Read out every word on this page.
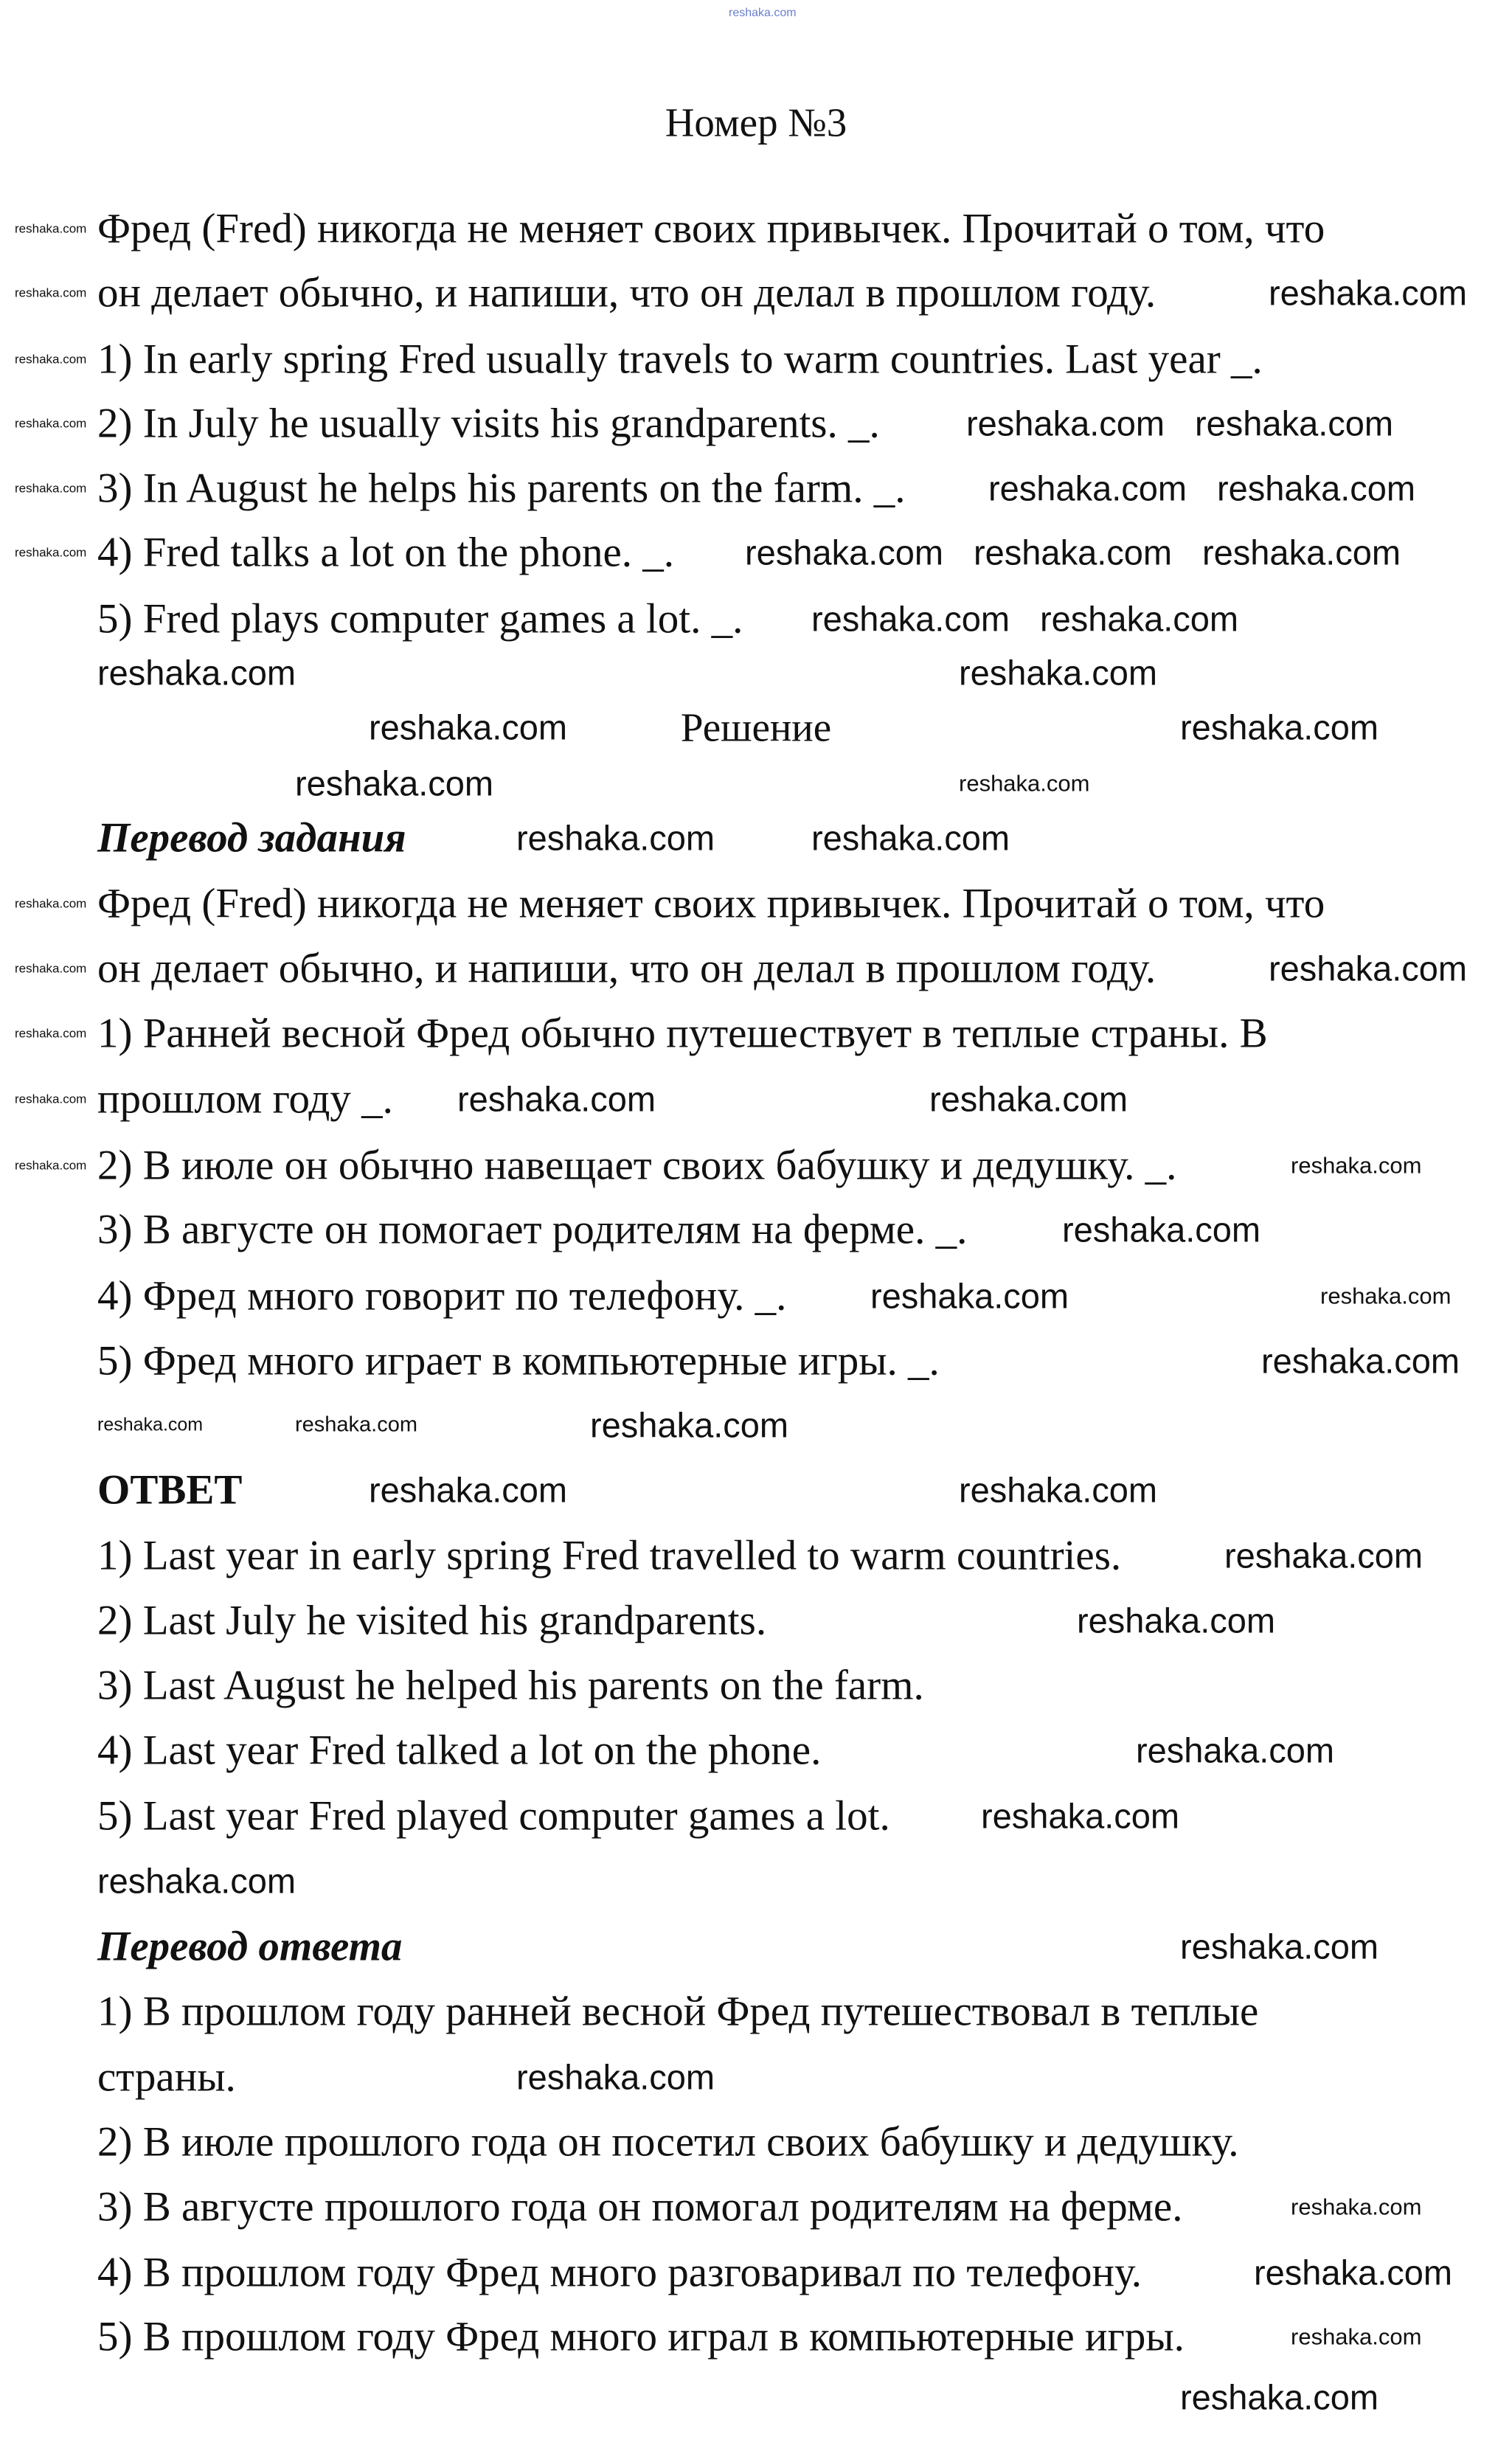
reshaka.com
Номер №3
Фред (Fred) никогда не меняет своих привычек. Прочитай о том, что
он делает обычно, и напиши, что он делал в прошлом году.
1) In early spring Fred usually travels to warm countries. Last year _.
2) In July he usually visits his grandparents. _.
3) In August he helps his parents on the farm. _.
4) Fred talks a lot on the phone. _.
5) Fred plays computer games a lot. _.
Решение
Перевод задания
Фред (Fred) никогда не меняет своих привычек. Прочитай о том, что
он делает обычно, и напиши, что он делал в прошлом году.
1) Ранней весной Фред обычно путешествует в теплые страны. В
прошлом году _.
2) В июле он обычно навещает своих бабушку и дедушку. _.
3) В августе он помогает родителям на ферме. _.
4) Фред много говорит по телефону. _.
5) Фред много играет в компьютерные игры. _.
ОТВЕТ
1) Last year in early spring Fred travelled to warm countries.
2) Last July he visited his grandparents.
3) Last August he helped his parents on the farm.
4) Last year Fred talked a lot on the phone.
5) Last year Fred played computer games a lot.
Перевод ответа
1) В прошлом году ранней весной Фред путешествовал в теплые
страны.
2) В июле прошлого года он посетил своих бабушку и дедушку.
3) В августе прошлого года он помогал родителям на ферме.
4) В прошлом году Фред много разговаривал по телефону.
5) В прошлом году Фред много играл в компьютерные игры.
reshaka.com
reshaka.com reshaka.com
reshaka.com reshaka.com
reshaka.com reshaka.com reshaka.com
reshaka.com reshaka.com
reshaka.com	reshaka.com
reshaka.com	reshaka.com
reshaka.com
reshaka.com	reshaka.com
reshaka.com
reshaka.com	reshaka.com
reshaka.com
reshaka.com
reshaka.com
reshaka.com
reshaka.com	reshaka.com
reshaka.com
reshaka.com
reshaka.com
reshaka.com
reshaka.com
reshaka.com
reshaka.com
reshaka.com
reshaka.com
reshaka.com
reshaka.com
reshaka.com
reshaka.com
reshaka.com
reshaka.com
reshaka.com
reshaka.com	reshaka.com
reshaka.com
reshaka.com
reshaka.com
reshaka.com
reshaka.com
reshaka.com
reshaka.com
reshaka.com
reshaka.com
